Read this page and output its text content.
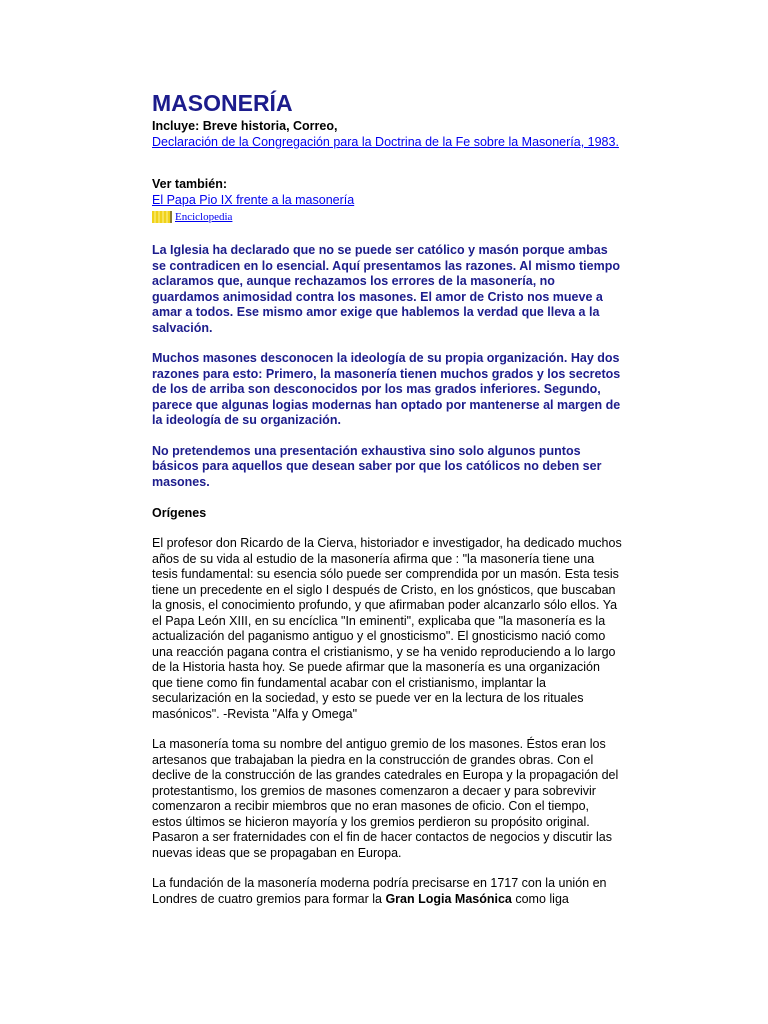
MASONERÍA
Incluye: Breve historia, Correo,
Declaración de la Congregación para la Doctrina de la Fe sobre la Masonería, 1983.
Ver también:
El Papa Pio IX frente a la masonería
Enciclopedia

La Iglesia ha declarado que no se puede ser católico y masón porque ambas se contradicen en lo esencial. Aquí presentamos las razones. Al mismo tiempo aclaramos que, aunque rechazamos los errores de la masonería, no guardamos animosidad contra los masones. El amor de Cristo nos mueve a amar a todos. Ese mismo amor exige que hablemos la verdad que lleva a la salvación.

Muchos masones desconocen la ideología de su propia organización. Hay dos razones para esto: Primero, la masonería tienen muchos grados y los secretos de los de arriba son desconocidos por los mas grados inferiores. Segundo, parece que algunas logias modernas han optado por mantenerse al margen de la ideología de su organización.

No pretendemos una presentación exhaustiva sino solo algunos puntos básicos para aquellos que desean saber por que los católicos no deben ser masones.

Orígenes

El profesor don Ricardo de la Cierva, historiador e investigador, ha dedicado muchos años de su vida al estudio de la masonería afirma que : "la masonería tiene una tesis fundamental: su esencia sólo puede ser comprendida por un masón. Esta tesis tiene un precedente en el siglo I después de Cristo, en los gnósticos, que buscaban la gnosis, el conocimiento profundo, y que afirmaban poder alcanzarlo sólo ellos. Ya el Papa León XIII, en su encíclica "In eminenti", explicaba que "la masonería es la actualización del paganismo antiguo y el gnosticismo". El gnosticismo nació como una reacción pagana contra el cristianismo, y se ha venido reproduciendo a lo largo de la Historia hasta hoy. Se puede afirmar que la masonería es una organización que tiene como fin fundamental acabar con el cristianismo, implantar la secularización en la sociedad, y esto se puede ver en la lectura de los rituales masónicos". -Revista "Alfa y Omega"

La masonería toma su nombre del antiguo gremio de los masones. Éstos eran los artesanos que trabajaban la piedra en la construcción de grandes obras. Con el declive de la construcción de las grandes catedrales en Europa y la propagación del protestantismo, los gremios de masones comenzaron a decaer y para sobrevivir comenzaron a recibir miembros que no eran masones de oficio. Con el tiempo, estos últimos se hicieron mayoría y los gremios perdieron su propósito original. Pasaron a ser fraternidades con el fin de hacer contactos de negocios y discutir las nuevas ideas que se propagaban en Europa.

La fundación de la masonería moderna podría precisarse en 1717 con la unión en Londres de cuatro gremios para formar la Gran Logia Masónica como liga
